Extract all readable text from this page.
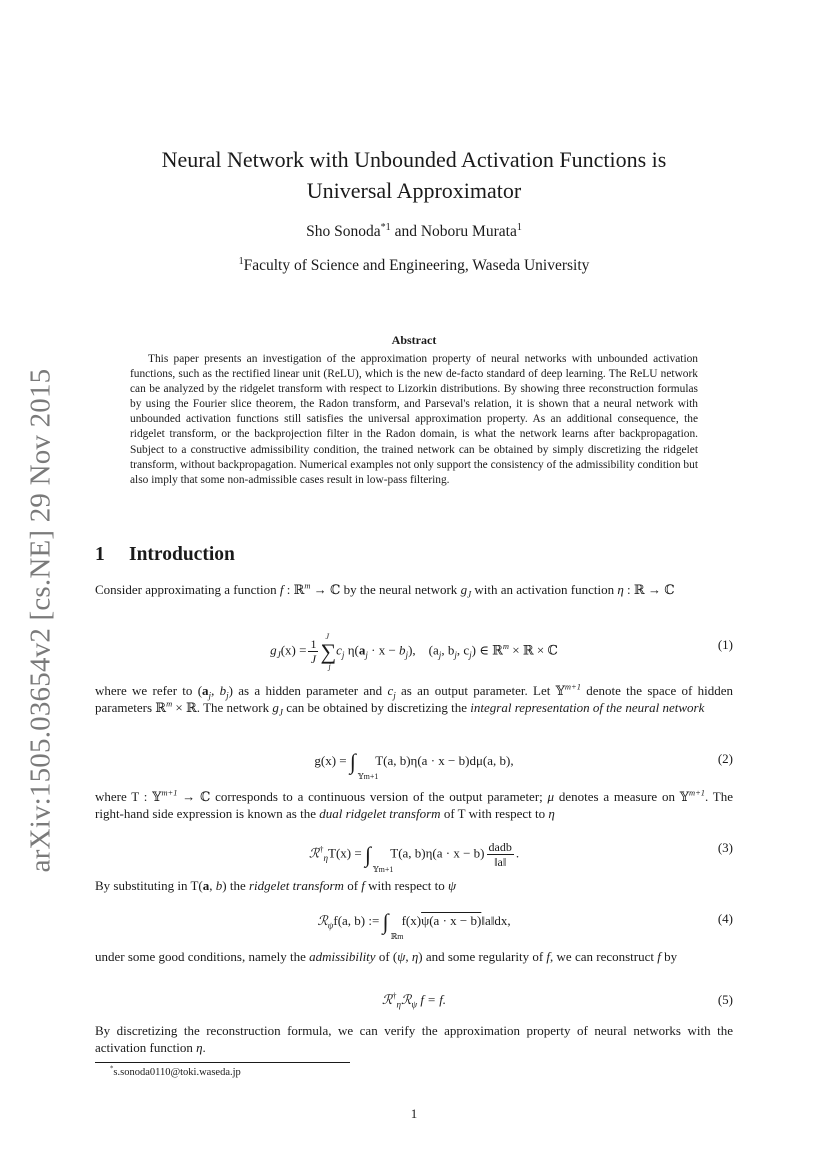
arXiv:1505.03654v2 [cs.NE] 29 Nov 2015
Neural Network with Unbounded Activation Functions is
Universal Approximator
Sho Sonoda$^{*1}$ and Noboru Murata$^1$
$^1$Faculty of Science and Engineering, Waseda University
Abstract

This paper presents an investigation of the approximation property of neural networks with unbounded activation functions, such as the rectified linear unit (ReLU), which is the new de-facto standard of deep learning. The ReLU network can be analyzed by the ridgelet transform with respect to Lizorkin distributions. By showing three reconstruction formulas by using the Fourier slice theorem, the Radon transform, and Parseval's relation, it is shown that a neural network with unbounded activation functions still satisfies the universal approximation property. As an additional consequence, the ridgelet transform, or the backprojection filter in the Radon domain, is what the network learns after backpropagation. Subject to a constructive admissibility condition, the trained network can be obtained by simply discretizing the ridgelet transform, without backpropagation. Numerical examples not only support the consistency of the admissibility condition but also imply that some non-admissible cases result in low-pass filtering.

1 Introduction

Consider approximating a function f : ℝ$^m$ → ℂ by the neural network $g_J$ with an activation function η : ℝ → ℂ

$g_J(x) = \frac{1}{J}$
J
∑
j
$c_j$ $\eta(a_j \cdot x - b_j)$, ($a_j$, $b_j$, $c_j$) ∈ ℝ$^m$ × ℝ × ℂ	(1)

where we refer to ($a_j$, $b_j$) as a hidden parameter and $c_j$ as an output parameter. Let 𝕐$^{m+1}$ denote the space of hidden parameters ℝ$^m$ × ℝ. The network $g_J$ can be obtained by discretizing the integral representation of the neural network

g(x) = ∫
𝕐m+1
T(a, b)η(a · x − b)dμ(a, b),	(2)

where T : 𝕐$^{m+1}$ → ℂ corresponds to a continuous version of the output parameter; μ denotes a measure on 𝕐$^{m+1}$. The right-hand side expression is known as the dual ridgelet transform of T with respect to η

ℛ†$_\eta$T(x) = ∫
𝕐m+1
T(a, $b)\eta(a \cdot x - b) \frac{\text{dadb}}{‖a‖}$ .	(3)

By substituting in T(a, b) the ridgelet transform of f with respect to ψ

ℛ$_\psi$f(a, b) := ∫
ℝm
f(x)ψ(a · x − b)‖a‖dx,	(4)

under some good conditions, namely the admissibility of (ψ, η) and some regularity of f, we can reconstruct f by

ℛ†$_\eta$ℛ$_\psi$ f = f.	(5)

By discretizing the reconstruction formula, we can verify the approximation property of neural networks with the activation function η.

*s.sonoda0110@toki.waseda.jp
1
